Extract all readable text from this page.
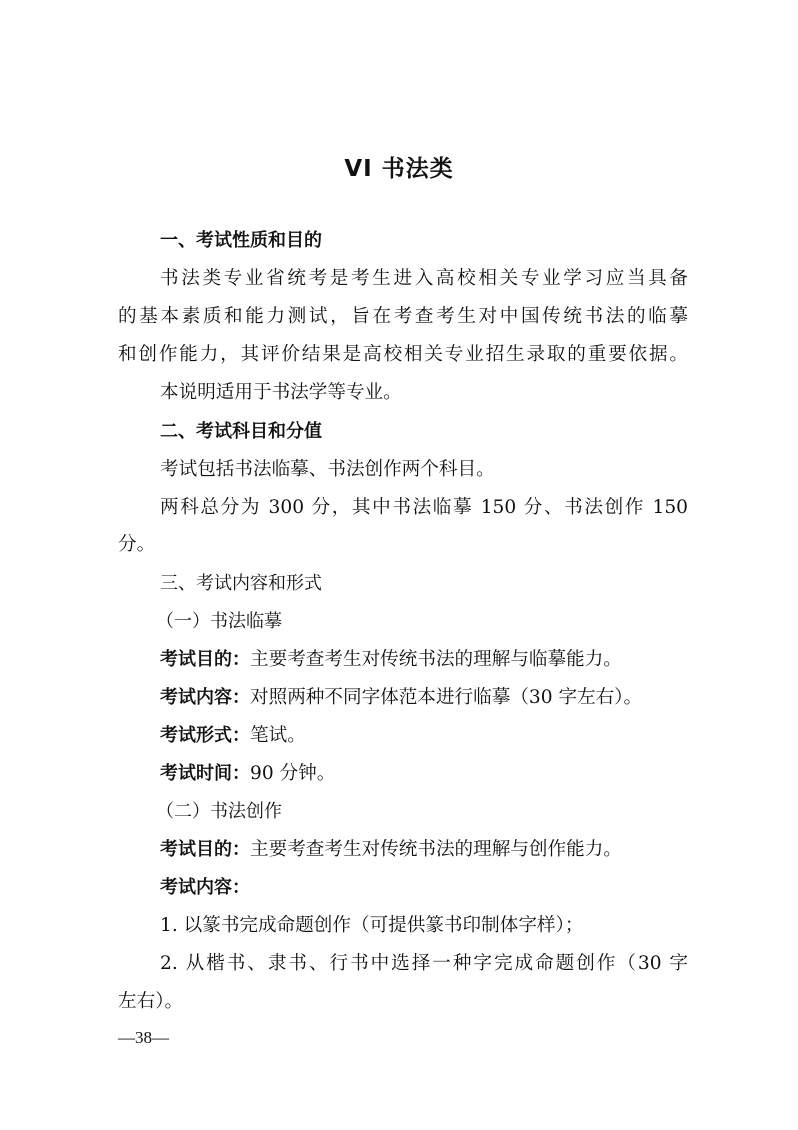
VI 书法类
一、考试性质和目的
书法类专业省统考是考生进入高校相关专业学习应当具备
的基本素质和能力测试，旨在考查考生对中国传统书法的临摹
和创作能力，其评价结果是高校相关专业招生录取的重要依据。
本说明适用于书法学等专业。
二、考试科目和分值
考试包括书法临摹、书法创作两个科目。
两科总分为 300 分，其中书法临摹 150 分、书法创作 150
分。
三、考试内容和形式
（一）书法临摹
考试目的：主要考查考生对传统书法的理解与临摹能力。
考试内容：对照两种不同字体范本进行临摹（30 字左右）。
考试形式：笔试。
考试时间：90 分钟。
（二）书法创作
考试目的：主要考查考生对传统书法的理解与创作能力。
考试内容：
1. 以篆书完成命题创作（可提供篆书印制体字样）；
2. 从楷书、隶书、行书中选择一种字完成命题创作（30 字
左右）。
—38—
